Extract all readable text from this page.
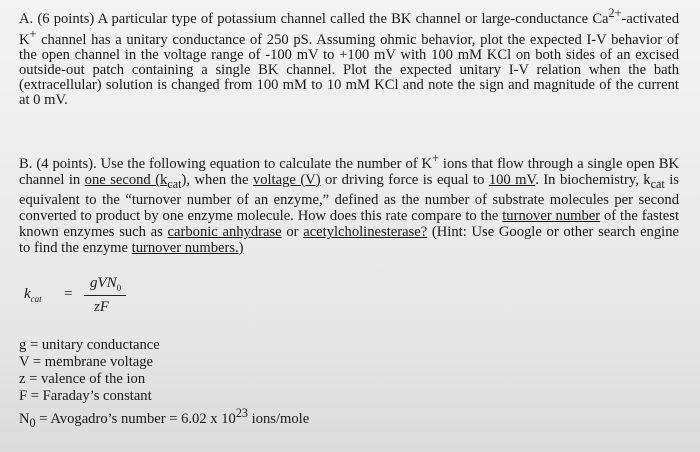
A. (6 points) A particular type of potassium channel called the BK channel or large-conductance $Ca^{2+}$-activated K+ channel has a unitary conductance of 250 pS. Assuming ohmic behavior, plot the expected I-V behavior of the open channel in the voltage range of -100 mV to +100 mV with 100 mM KCl on both sides of an excised outside-out patch containing a single BK channel. Plot the expected unitary I-V relation when the bath (extracellular) solution is changed from 100 mM to 10 mM KCl and note the sign and magnitude of the current at 0 mV.
B. (4 points). Use the following equation to calculate the number of K+ ions that flow through a single open BK channel in one second $(k_{cat})$, when the voltage (V) or driving force is equal to 100 mV. In biochemistry, $k_{cat}$ is equivalent to the “turnover number of an enzyme,” defined as the number of substrate molecules per second converted to product by one enzyme molecule. How does this rate compare to the turnover number of the fastest known enzymes such as carbonic anhydrase or acetylcholinesterase? (Hint: Use Google or other search engine to find the enzyme turnover numbers.)
$k_{cat}$	=
gVN$_0$
zF
g = unitary conductance
V = membrane voltage
z = valence of the ion
F = Faraday’s constant
$N_0$ = Avogadro’s number = 6.02 x $10^{23}$ ions/mole
